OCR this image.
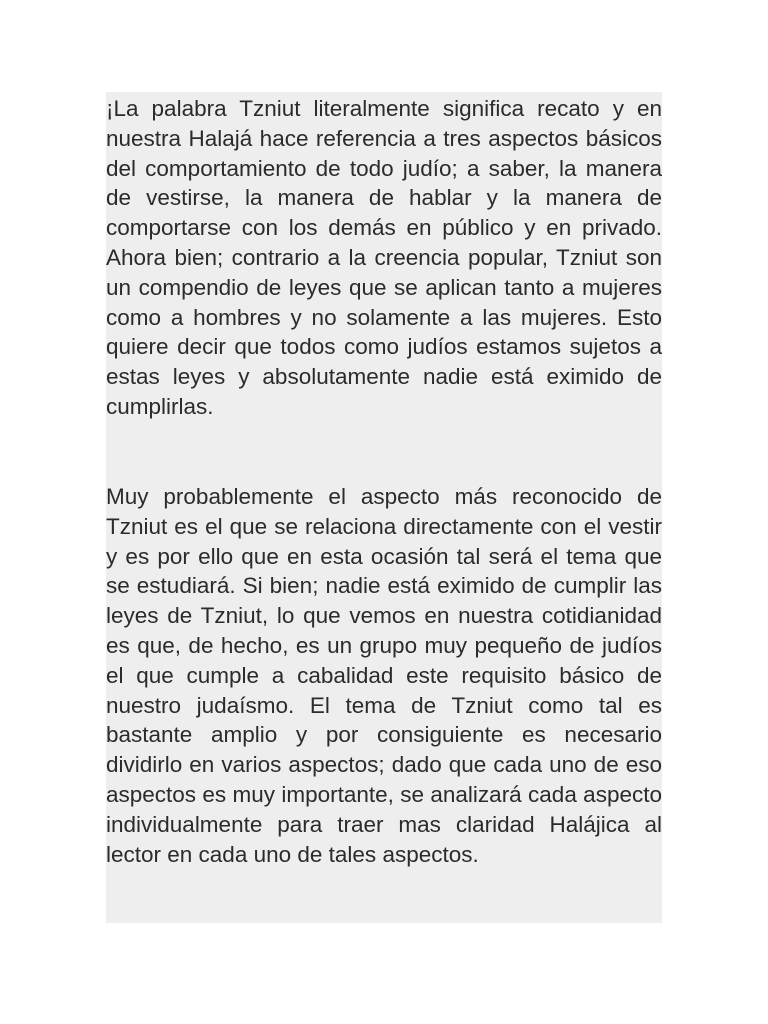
¡La palabra Tzniut literalmente significa recato y en nuestra Halajá hace referencia a tres aspectos básicos del comportamiento de todo judío; a saber, la manera de vestirse, la manera de hablar y la manera de comportarse con los demás en público y en privado. Ahora bien; contrario a la creencia popular, Tzniut son un compendio de leyes que se aplican tanto a mujeres como a hombres y no solamente a las mujeres. Esto quiere decir que todos como judíos estamos sujetos a estas leyes y absolutamente nadie está eximido de cumplirlas.

Muy probablemente el aspecto más reconocido de Tzniut es el que se relaciona directamente con el vestir y es por ello que en esta ocasión tal será el tema que se estudiará. Si bien; nadie está eximido de cumplir las leyes de Tzniut, lo que vemos en nuestra cotidianidad es que, de hecho, es un grupo muy pequeño de judíos el que cumple a cabalidad este requisito básico de nuestro judaísmo. El tema de Tzniut como tal es bastante amplio y por consiguiente es necesario dividirlo en varios aspectos; dado que cada uno de eso aspectos es muy importante, se analizará cada aspecto individualmente para traer mas claridad Halájica al lector en cada uno de tales aspectos.
